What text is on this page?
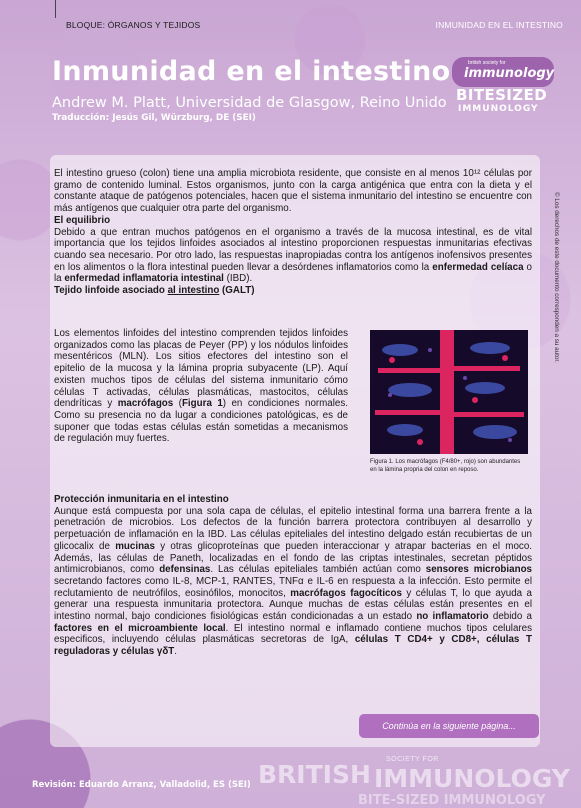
BLOQUE: ÓRGANOS Y TEJIDOS	INMUNIDAD EN EL INTESTINO
Inmunidad en el intestino
Andrew M. Platt, Universidad de Glasgow, Reino Unido
Traducción: Jesús Gil, Würzburg, DE (SEI)
british society for
immunology
BITESIZED
IMMUNOLOGY
© Los derechos de este documento corresponden a su autor.

El intestino grueso (colon) tiene una amplia microbiota residente, que consiste en al menos 10¹² células por gramo de contenido luminal. Estos organismos, junto con la carga antigénica que entra con la dieta y el constante ataque de patógenos potenciales, hacen que el sistema inmunitario del intestino se encuentre con más antígenos que cualquier otra parte del organismo.

El equilibrio

Debido a que entran muchos patógenos en el organismo a través de la mucosa intestinal, es de vital importancia que los tejidos linfoides asociados al intestino proporcionen respuestas inmunitarias efectivas cuando sea necesario. Por otro lado, las respuestas inapropiadas contra los antígenos inofensivos presentes en los alimentos o la flora intestinal pueden llevar a desórdenes inflamatorios como la enfermedad celíaca o la enfermedad inflamatoria intestinal (IBD).

Tejido linfoide asociado al intestino (GALT)

Los elementos linfoides del intestino comprenden tejidos linfoides organizados como las placas de Peyer (PP) y los nódulos linfoides mesentéricos (MLN). Los sitios efectores del intestino son el epitelio de la mucosa y la lámina propria subyacente (LP). Aquí existen muchos tipos de células del sistema inmunitario cómo células T activadas, células plasmáticas, mastocitos, células dendríticas y macrófagos (Figura 1) en condiciones normales. Como su presencia no da lugar a condiciones patológicas, es de suponer que todas estas células están sometidas a mecanismos de regulación muy fuertes.

Figura 1. Los macrófagos (F4/80+, rojo) son abundantes en la lámina propria del colon en reposo.

Protección inmunitaria en el intestino

Aunque está compuesta por una sola capa de células, el epitelio intestinal forma una barrera frente a la penetración de microbios. Los defectos de la función barrera protectora contribuyen al desarrollo y perpetuación de inflamación en la IBD. Las células epiteliales del intestino delgado están recubiertas de un glicocalix de mucinas y otras glicoproteínas que pueden interaccionar y atrapar bacterias en el moco. Además, las células de Paneth, localizadas en el fondo de las criptas intestinales, secretan péptidos antimicrobianos, como defensinas. Las células epiteliales también actúan como sensores microbianos secretando factores como IL-8, MCP-1, RANTES, TNFα e IL-6 en respuesta a la infección. Esto permite el reclutamiento de neutrófilos, eosinófilos, monocitos, macrófagos fagocíticos y células T, lo que ayuda a generar una respuesta inmunitaria protectora. Aunque muchas de estas células están presentes en el intestino normal, bajo condiciones fisiológicas están condicionadas a un estado no inflamatorio debido a factores en el microambiente local. El intestino normal e inflamado contiene muchos tipos celulares especificos, incluyendo células plasmáticas secretoras de IgA, células T CD4+ y CD8+, células T reguladoras y células γδT.

Continúa en la siguiente página...
Revisión: Eduardo Arranz, Valladolid, ES (SEI)
SOCIETY FOR
BRITISH IMMUNOLOGY
BITE-SIZED IMMUNOLOGY
